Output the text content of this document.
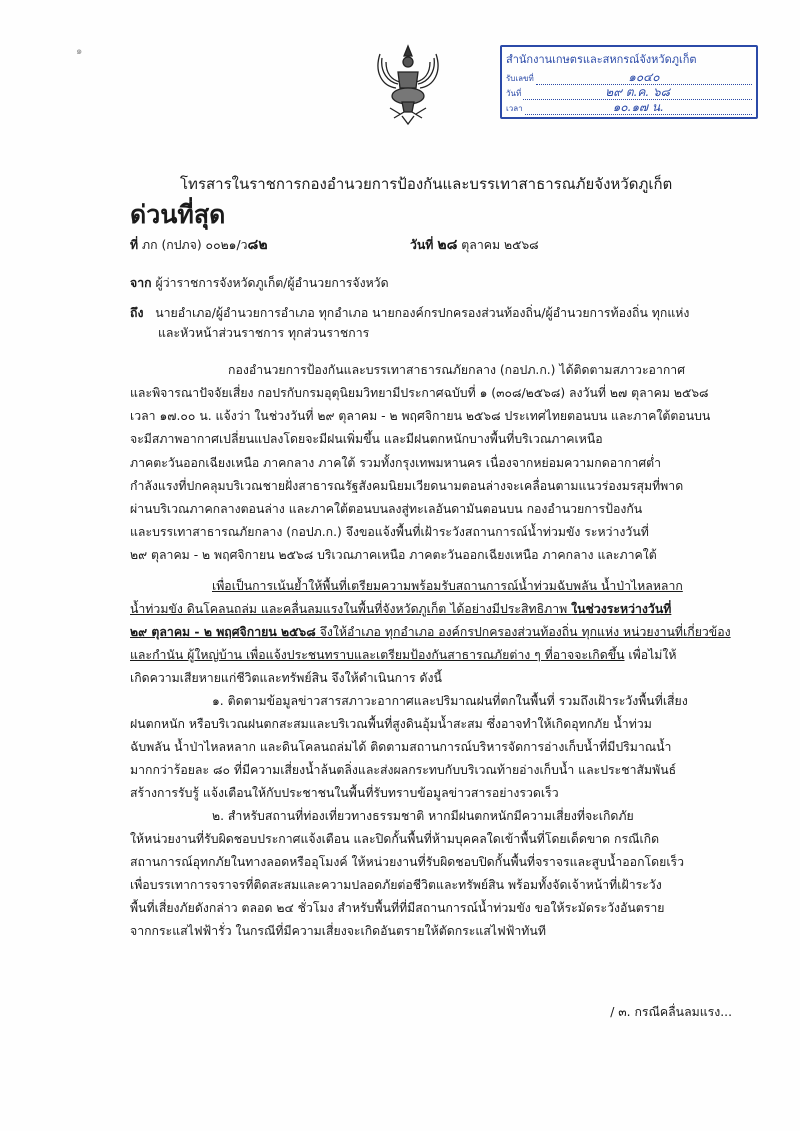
๑
สำนักงานเกษตรและสหกรณ์จังหวัดภูเก็ต
รับเลขที่	๑๐๔๐
วันที่	๒๙ ต.ค. ๖๘
เวลา	๑๐.๑๗ น.
โทรสารในราชการกองอำนวยการป้องกันและบรรเทาสาธารณภัยจังหวัดภูเก็ต
ด่วนที่สุด
ที่ ภก (กปภจ) ๐๐๒๑/ว๘๒	วันที่ ๒๘ ตุลาคม ๒๕๖๘
จาก ผู้ว่าราชการจังหวัดภูเก็ต/ผู้อำนวยการจังหวัด
ถึง นายอำเภอ/ผู้อำนวยการอำเภอ ทุกอำเภอ นายกองค์กรปกครองส่วนท้องถิ่น/ผู้อำนวยการท้องถิ่น ทุกแห่ง
และหัวหน้าส่วนราชการ ทุกส่วนราชการ
กองอำนวยการป้องกันและบรรเทาสาธารณภัยกลาง (กอปภ.ก.) ได้ติดตามสภาวะอากาศ
และพิจารณาปัจจัยเสี่ยง กอปรกับกรมอุตุนิยมวิทยามีประกาศฉบับที่ ๑ (๓๐๘/๒๕๖๘) ลงวันที่ ๒๗ ตุลาคม ๒๕๖๘
เวลา ๑๗.๐๐ น. แจ้งว่า ในช่วงวันที่ ๒๙ ตุลาคม - ๒ พฤศจิกายน ๒๕๖๘ ประเทศไทยตอนบน และภาคใต้ตอนบน
จะมีสภาพอากาศเปลี่ยนแปลงโดยจะมีฝนเพิ่มขึ้น และมีฝนตกหนักบางพื้นที่บริเวณภาคเหนือ
ภาคตะวันออกเฉียงเหนือ ภาคกลาง ภาคใต้ รวมทั้งกรุงเทพมหานคร เนื่องจากหย่อมความกดอากาศต่ำ
กำลังแรงที่ปกคลุมบริเวณชายฝั่งสาธารณรัฐสังคมนิยมเวียดนามตอนล่างจะเคลื่อนตามแนวร่องมรสุมที่พาด
ผ่านบริเวณภาคกลางตอนล่าง และภาคใต้ตอนบนลงสู่ทะเลอันดามันตอนบน กองอำนวยการป้องกัน
และบรรเทาสาธารณภัยกลาง (กอปภ.ก.) จึงขอแจ้งพื้นที่เฝ้าระวังสถานการณ์น้ำท่วมขัง ระหว่างวันที่
๒๙ ตุลาคม - ๒ พฤศจิกายน ๒๕๖๘ บริเวณภาคเหนือ ภาคตะวันออกเฉียงเหนือ ภาคกลาง และภาคใต้
เพื่อเป็นการเน้นย้ำให้พื้นที่เตรียมความพร้อมรับสถานการณ์น้ำท่วมฉับพลัน น้ำป่าไหลหลาก
น้ำท่วมขัง ดินโคลนถล่ม และคลื่นลมแรงในพื้นที่จังหวัดภูเก็ต ได้อย่างมีประสิทธิภาพ ในช่วงระหว่างวันที่
๒๙ ตุลาคม - ๒ พฤศจิกายน ๒๕๖๘ จึงให้อำเภอ ทุกอำเภอ องค์กรปกครองส่วนท้องถิ่น ทุกแห่ง หน่วยงานที่เกี่ยวข้อง
และกำนัน ผู้ใหญ่บ้าน เพื่อแจ้งประชนทราบและเตรียมป้องกันสาธารณภัยต่าง ๆ ที่อาจจะเกิดขึ้น เพื่อไม่ให้
เกิดความเสียหายแก่ชีวิตและทรัพย์สิน จึงให้ดำเนินการ ดังนี้
๑. ติดตามข้อมูลข่าวสารสภาวะอากาศและปริมาณฝนที่ตกในพื้นที่ รวมถึงเฝ้าระวังพื้นที่เสี่ยง
ฝนตกหนัก หรือบริเวณฝนตกสะสมและบริเวณพื้นที่สูงดินอุ้มน้ำสะสม ซึ่งอาจทำให้เกิดอุทกภัย น้ำท่วม
ฉับพลัน น้ำป่าไหลหลาก และดินโคลนถล่มได้ ติดตามสถานการณ์บริหารจัดการอ่างเก็บน้ำที่มีปริมาณน้ำ
มากกว่าร้อยละ ๘๐ ที่มีความเสี่ยงน้ำล้นตลิ่งและส่งผลกระทบกับบริเวณท้ายอ่างเก็บน้ำ และประชาสัมพันธ์
สร้างการรับรู้ แจ้งเตือนให้กับประชาชนในพื้นที่รับทราบข้อมูลข่าวสารอย่างรวดเร็ว
๒. สำหรับสถานที่ท่องเที่ยวทางธรรมชาติ หากมีฝนตกหนักมีความเสี่ยงที่จะเกิดภัย
ให้หน่วยงานที่รับผิดชอบประกาศแจ้งเตือน และปิดกั้นพื้นที่ห้ามบุคคลใดเข้าพื้นที่โดยเด็ดขาด กรณีเกิด
สถานการณ์อุทกภัยในทางลอดหรืออุโมงค์ ให้หน่วยงานที่รับผิดชอบปิดกั้นพื้นที่จราจรและสูบน้ำออกโดยเร็ว
เพื่อบรรเทาการจราจรที่ติดสะสมและความปลอดภัยต่อชีวิตและทรัพย์สิน พร้อมทั้งจัดเจ้าหน้าที่เฝ้าระวัง
พื้นที่เสี่ยงภัยดังกล่าว ตลอด ๒๔ ชั่วโมง สำหรับพื้นที่ที่มีสถานการณ์น้ำท่วมขัง ขอให้ระมัดระวังอันตราย
จากกระแสไฟฟ้ารั่ว ในกรณีที่มีความเสี่ยงจะเกิดอันตรายให้ตัดกระแสไฟฟ้าทันที
/ ๓. กรณีคลื่นลมแรง...
